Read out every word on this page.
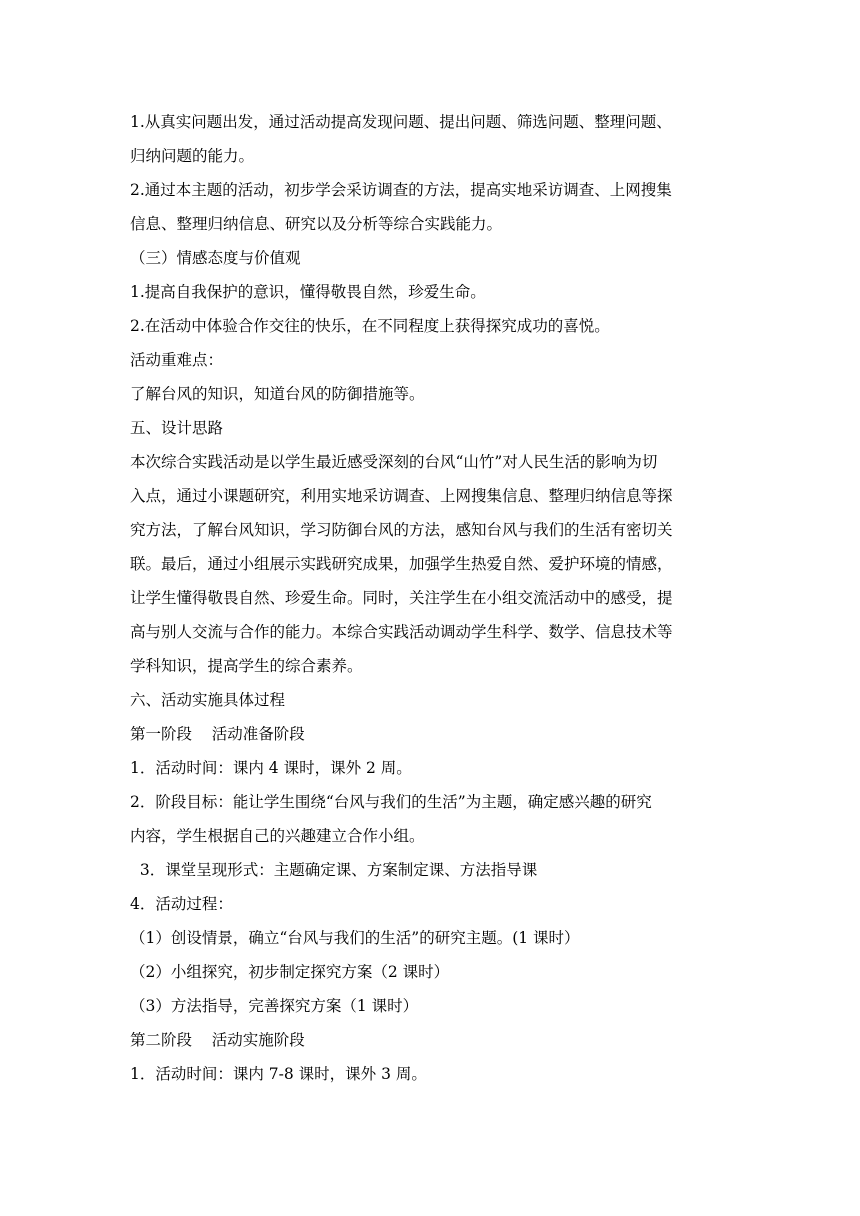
1.从真实问题出发，通过活动提高发现问题、提出问题、筛选问题、整理问题、
归纳问题的能力。
2.通过本主题的活动，初步学会采访调查的方法，提高实地采访调查、上网搜集
信息、整理归纳信息、研究以及分析等综合实践能力。
（三）情感态度与价值观
1.提高自我保护的意识，懂得敬畏自然，珍爱生命。
2.在活动中体验合作交往的快乐，在不同程度上获得探究成功的喜悦。
活动重难点：
了解台风的知识，知道台风的防御措施等。
五、设计思路
本次综合实践活动是以学生最近感受深刻的台风“山竹”对人民生活的影响为切
入点，通过小课题研究，利用实地采访调查、上网搜集信息、整理归纳信息等探
究方法，了解台风知识，学习防御台风的方法，感知台风与我们的生活有密切关
联。最后，通过小组展示实践研究成果，加强学生热爱自然、爱护环境的情感，
让学生懂得敬畏自然、珍爱生命。同时，关注学生在小组交流活动中的感受，提
高与别人交流与合作的能力。本综合实践活动调动学生科学、数学、信息技术等
学科知识，提高学生的综合素养。
六、活动实施具体过程
第一阶段    活动准备阶段
1．活动时间：课内 4 课时，课外 2 周。
2．阶段目标：能让学生围绕“台风与我们的生活”为主题，确定感兴趣的研究
内容，学生根据自己的兴趣建立合作小组。
3．课堂呈现形式：主题确定课、方案制定课、方法指导课
4．活动过程：
（1）创设情景，确立“台风与我们的生活”的研究主题。(1 课时）
（2）小组探究，初步制定探究方案（2 课时）
（3）方法指导，完善探究方案（1 课时）
第二阶段    活动实施阶段
1．活动时间：课内 7-8 课时，课外 3 周。
